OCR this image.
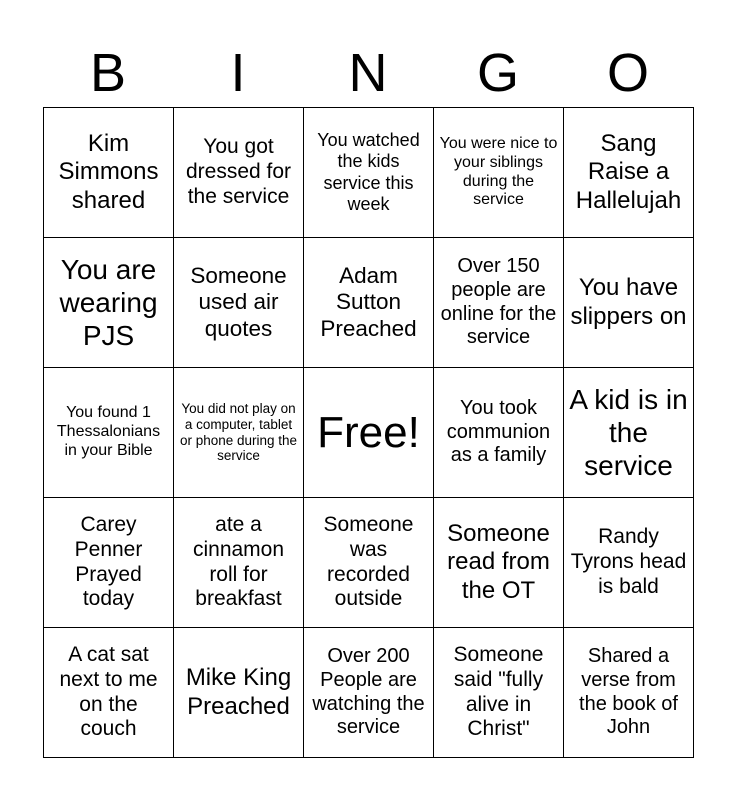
B	I	N	G	O
Kim Simmons shared	You got dressed for the service	You watched the kids service this week	You were nice to your siblings during the service	Sang Raise a Hallelujah
You are wearing PJS	Someone used air quotes	Adam Sutton Preached	Over 150 people are online for the service	You have slippers on
You found 1 Thessalonians in your Bible	You did not play on a computer, tablet or phone during the service	Free!	You took communion as a family	A kid is in the service
Carey Penner Prayed today	ate a cinnamon roll for breakfast	Someone was recorded outside	Someone read from the OT	Randy Tyrons head is bald
A cat sat next to me on the couch	Mike King Preached	Over 200 People are watching the service	Someone said "fully alive in Christ"	Shared a verse from the book of John
